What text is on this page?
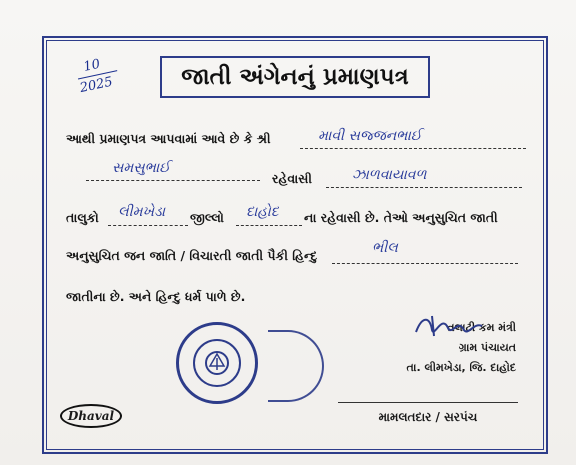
10
2025	જાતી અંગેનનું પ્રમાણપત્ર
આથી પ્રમાણપત્ર આપવામાં આવે છે કે શ્રી	માવી સજ્જનભાઈ
સમસુભાઈ
રહેવાસી	ઝાળવાયાવળ
તાલુકો લીમખેડા જીલ્લો દાહોદ ના રહેવાસી છે. તેઓ અનુસુચિત જાતી
અનુસુચિત જન જાતિ / વિચારતી જાતી પૈકી હિન્દુ	ભીલ
જાતીના છે. અને હિન્દુ ધર્મ પાળે છે.
તલાટી કમ મંત્રી
ગ્રામ પંચાયત
તા. લીમખેડા, જિ. દાહોદ
મામલતદાર / સરપંચ
Dhaval
